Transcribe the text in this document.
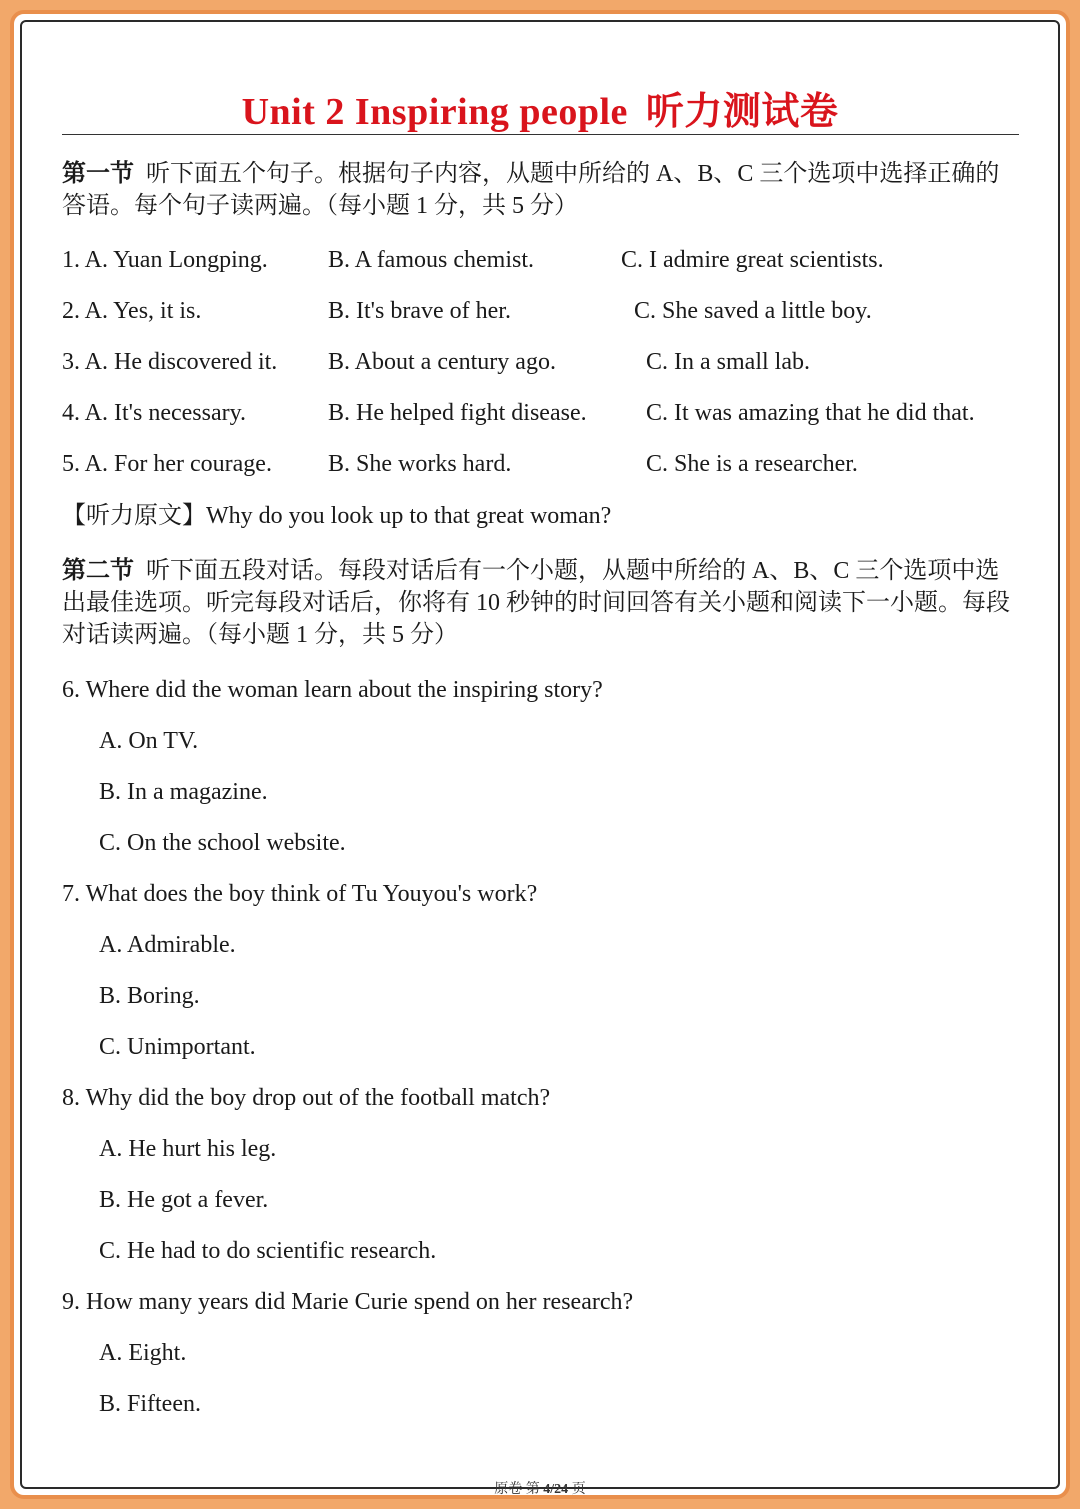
Unit 2 Inspiring people 听力测试卷
第一节 听下面五个句子。根据句子内容，从题中所给的 A、B、C 三个选项中选择正确的答语。每个句子读两遍。（每小题 1 分，共 5 分）
1. A. Yuan Longping.	B. A famous chemist.	C. I admire great scientists.
2. A. Yes, it is.	B. It's brave of her.	C. She saved a little boy.
3. A. He discovered it. B. About a century ago.	C. In a small lab.
4. A. It's necessary.	B. He helped fight disease. C. It was amazing that he did that.
5. A. For her courage. B. She works hard.	C. She is a researcher.
【听力原文】Why do you look up to that great woman?
第二节 听下面五段对话。每段对话后有一个小题，从题中所给的 A、B、C 三个选项中选出最佳选项。听完每段对话后，你将有 10 秒钟的时间回答有关小题和阅读下一小题。每段对话读两遍。（每小题 1 分，共 5 分）
6. Where did the woman learn about the inspiring story?
A. On TV.
B. In a magazine.
C. On the school website.
7. What does the boy think of Tu Youyou's work?
A. Admirable.
B. Boring.
C. Unimportant.
8. Why did the boy drop out of the football match?
A. He hurt his leg.
B. He got a fever.
C. He had to do scientific research.
9. How many years did Marie Curie spend on her research?
A. Eight.
B. Fifteen.
原卷 第 4/24 页
